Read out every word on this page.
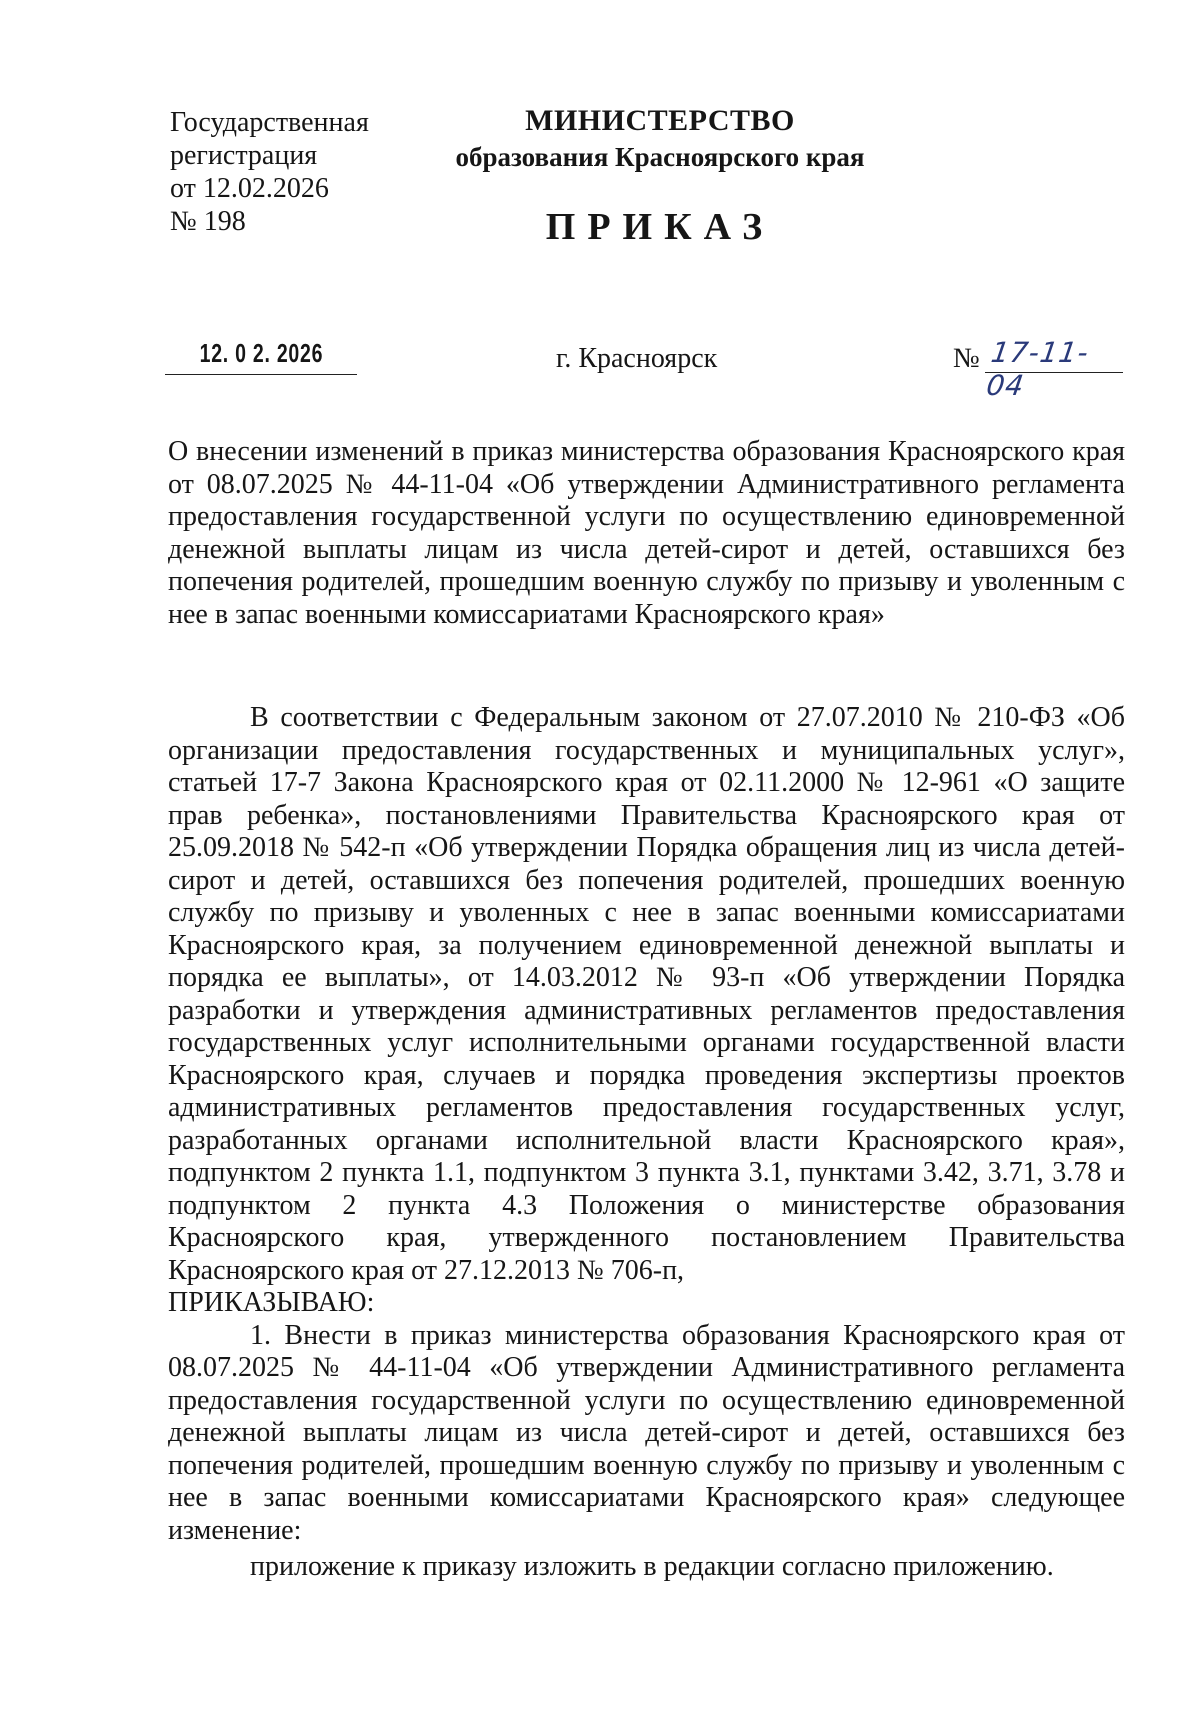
Государственная
регистрация
от 12.02.2026
№ 198
МИНИСТЕРСТВО
образования Красноярского края
ПРИКАЗ
12. 0 2. 2026	г. Красноярск	№ 17-11-04
О внесении изменений в приказ министерства образования Красноярского края от 08.07.2025 № 44-11-04 «Об утверждении Административного регламента предоставления государственной услуги по осуществлению единовременной денежной выплаты лицам из числа детей-сирот и детей, оставшихся без попечения родителей, прошедшим военную службу по призыву и уволенным с нее в запас военными комиссариатами Красноярского края»

В соответствии с Федеральным законом от 27.07.2010 № 210-ФЗ «Об организации предоставления государственных и муниципальных услуг», статьей 17-7 Закона Красноярского края от 02.11.2000 № 12-961 «О защите прав ребенка», постановлениями Правительства Красноярского края от 25.09.2018 № 542-п «Об утверждении Порядка обращения лиц из числа детей-сирот и детей, оставшихся без попечения родителей, прошедших военную службу по призыву и уволенных с нее в запас военными комиссариатами Красноярского края, за получением единовременной денежной выплаты и порядка ее выплаты», от 14.03.2012 № 93-п «Об утверждении Порядка разработки и утверждения административных регламентов предоставления государственных услуг исполнительными органами государственной власти Красноярского края, случаев и порядка проведения экспертизы проектов административных регламентов предоставления государственных услуг, разработанных органами исполнительной власти Красноярского края», подпунктом 2 пункта 1.1, подпунктом 3 пункта 3.1, пунктами 3.42, 3.71, 3.78 и подпунктом 2 пункта 4.3 Положения о министерстве образования Красноярского края, утвержденного постановлением Правительства Красноярского края от 27.12.2013 № 706-п,

ПРИКАЗЫВАЮ:

1. Внести в приказ министерства образования Красноярского края от 08.07.2025 № 44-11-04 «Об утверждении Административного регламента предоставления государственной услуги по осуществлению единовременной денежной выплаты лицам из числа детей-сирот и детей, оставшихся без попечения родителей, прошедшим военную службу по призыву и уволенным с нее в запас военными комиссариатами Красноярского края» следующее изменение:

приложение к приказу изложить в редакции согласно приложению.
